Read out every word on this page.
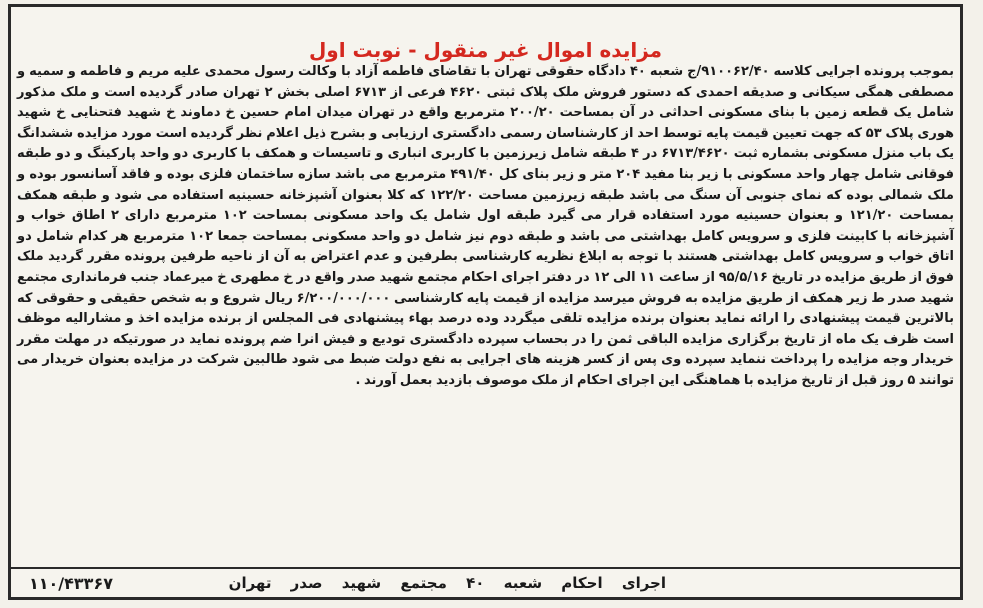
مزایده اموال غیر منقول - نوبت اول
بموجب پرونده اجرایی کلاسه ۹۱۰۰۶۲/۴۰/ج شعبه ۴۰ دادگاه حقوقی تهران با تقاضای فاطمه آزاد با وکالت رسول محمدی علیه مریم و فاطمه و سمیه و مصطفی همگی سیکانی و صدیقه احمدی که دستور فروش ملک پلاک ثبتی ۴۶۲۰ فرعی از ۶۷۱۳ اصلی بخش ۲ تهران صادر گردیده است و ملک مذکور شامل یک قطعه زمین با بنای مسکونی احداثی در آن بمساحت ۲۰۰/۲۰ مترمربع واقع در تهران میدان امام حسین خ دماوند خ شهید فتحنایی خ شهید هوری پلاک ۵۳ که جهت تعیین قیمت پایه توسط احد از کارشناسان رسمی دادگستری ارزیابی و بشرح ذیل اعلام نظر گردیده است مورد مزایده ششدانگ یک باب منزل مسکونی بشماره ثبت ۶۷۱۳/۴۶۲۰ در ۴ طبقه شامل زیرزمین با کاربری انباری و تاسیسات و همکف با کاربری دو واحد پارکینگ و دو طبقه فوقانی شامل چهار واحد مسکونی با زیر بنا مفید ۲۰۴ متر و زیر بنای کل ۴۹۱/۴۰ مترمربع می باشد سازه ساختمان فلزی بوده و فاقد آسانسور بوده و ملک شمالی بوده که نمای جنوبی آن سنگ می باشد طبقه زیرزمین مساحت ۱۲۲/۲۰ که کلا بعنوان آشپزخانه حسینیه استفاده می شود و طبقه همکف بمساحت ۱۲۱/۲۰ و بعنوان حسینیه مورد استفاده قرار می گیرد طبقه اول شامل یک واحد مسکونی بمساحت ۱۰۲ مترمربع دارای ۲ اطاق خواب و آشپزخانه با کابینت فلزی و سرویس کامل بهداشتی می باشد و طبقه دوم نیز شامل دو واحد مسکونی بمساحت جمعا ۱۰۲ مترمربع هر کدام شامل دو اتاق خواب و سرویس کامل بهداشتی هستند با توجه به ابلاغ نظریه کارشناسی بطرفین و عدم اعتراض به آن از ناحیه طرفین پرونده مقرر گردید ملک فوق از طریق مزایده در تاریخ ۹۵/۵/۱۶ از ساعت ۱۱ الی ۱۲ در دفتر اجرای احکام مجتمع شهید صدر واقع در خ مطهری خ میرعماد جنب فرمانداری مجتمع شهید صدر ط زیر همکف از طریق مزایده به فروش میرسد مزایده از قیمت پایه کارشناسی ۶/۲۰۰/۰۰۰/۰۰۰ ریال شروع و به شخص حقیقی و حقوقی که بالاترین قیمت پیشنهادی را ارائه نماید بعنوان برنده مزایده تلقی میگردد وده درصد بهاء پیشنهادی فی المجلس از برنده مزایده اخذ و مشارالیه موظف است ظرف یک ماه از تاریخ برگزاری مزایده الباقی ثمن را در بحساب سپرده دادگستری تودیع و فیش انرا ضم پرونده نماید در صورتیکه در مهلت مقرر خریدار وجه مزایده را پرداخت ننماید سپرده وی پس از کسر هزینه های اجرایی به نفع دولت ضبط می شود طالبین شرکت در مزایده بعنوان خریدار می توانند ۵ روز قبل از تاریخ مزایده با هماهنگی این اجرای احکام از ملک موصوف بازدید بعمل آورند .
اجرای احکام شعبه ۴۰ مجتمع شهید صدر تهران
۱۱۰/۴۳۳۶۷
